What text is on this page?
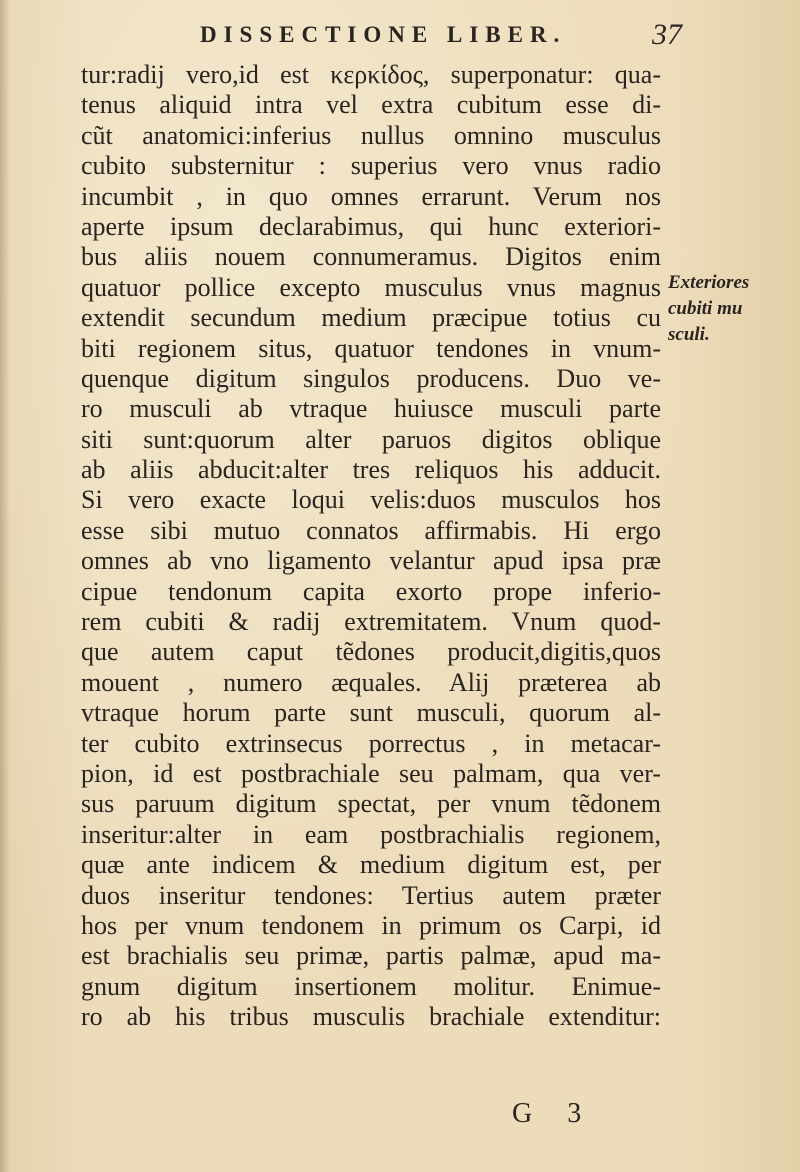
DISSECTIONE LIBER.	37
tur:radij vero,id est κερκίδος, superponatur: qua-
tenus aliquid intra vel extra cubitum esse di-
cũt anatomici:inferius nullus omnino musculus
cubito substernitur : superius vero vnus radio
incumbit , in quo omnes errarunt. Verum nos
aperte ipsum declarabimus, qui hunc exteriori-
bus aliis nouem connumeramus. Digitos enim
quatuor pollice excepto musculus vnus magnus
extendit secundum medium præcipue totius cu
biti regionem situs, quatuor tendones in vnum-
quenque digitum singulos producens. Duo ve-
ro musculi ab vtraque huiusce musculi parte
siti sunt:quorum alter paruos digitos oblique
ab aliis abducit:alter tres reliquos his adducit.
Si vero exacte loqui velis:duos musculos hos
esse sibi mutuo connatos affirmabis. Hi ergo
omnes ab vno ligamento velantur apud ipsa præ
cipue tendonum capita exorto prope inferio-
rem cubiti & radij extremitatem. Vnum quod-
que autem caput tẽdones producit,digitis,quos
mouent , numero æquales. Alij præterea ab
vtraque horum parte sunt musculi, quorum al-
ter cubito extrinsecus porrectus , in metacar-
pion, id est postbrachiale seu palmam, qua ver-
sus paruum digitum spectat, per vnum tẽdonem
inseritur:alter in eam postbrachialis regionem,
quæ ante indicem & medium digitum est, per
duos inseritur tendones: Tertius autem præter
hos per vnum tendonem in primum os Carpi, id
est brachialis seu primæ, partis palmæ, apud ma-
gnum digitum insertionem molitur. Enimue-
ro ab his tribus musculis brachiale extenditur:
Exteriores
cubiti mu
sculi.
G 3
